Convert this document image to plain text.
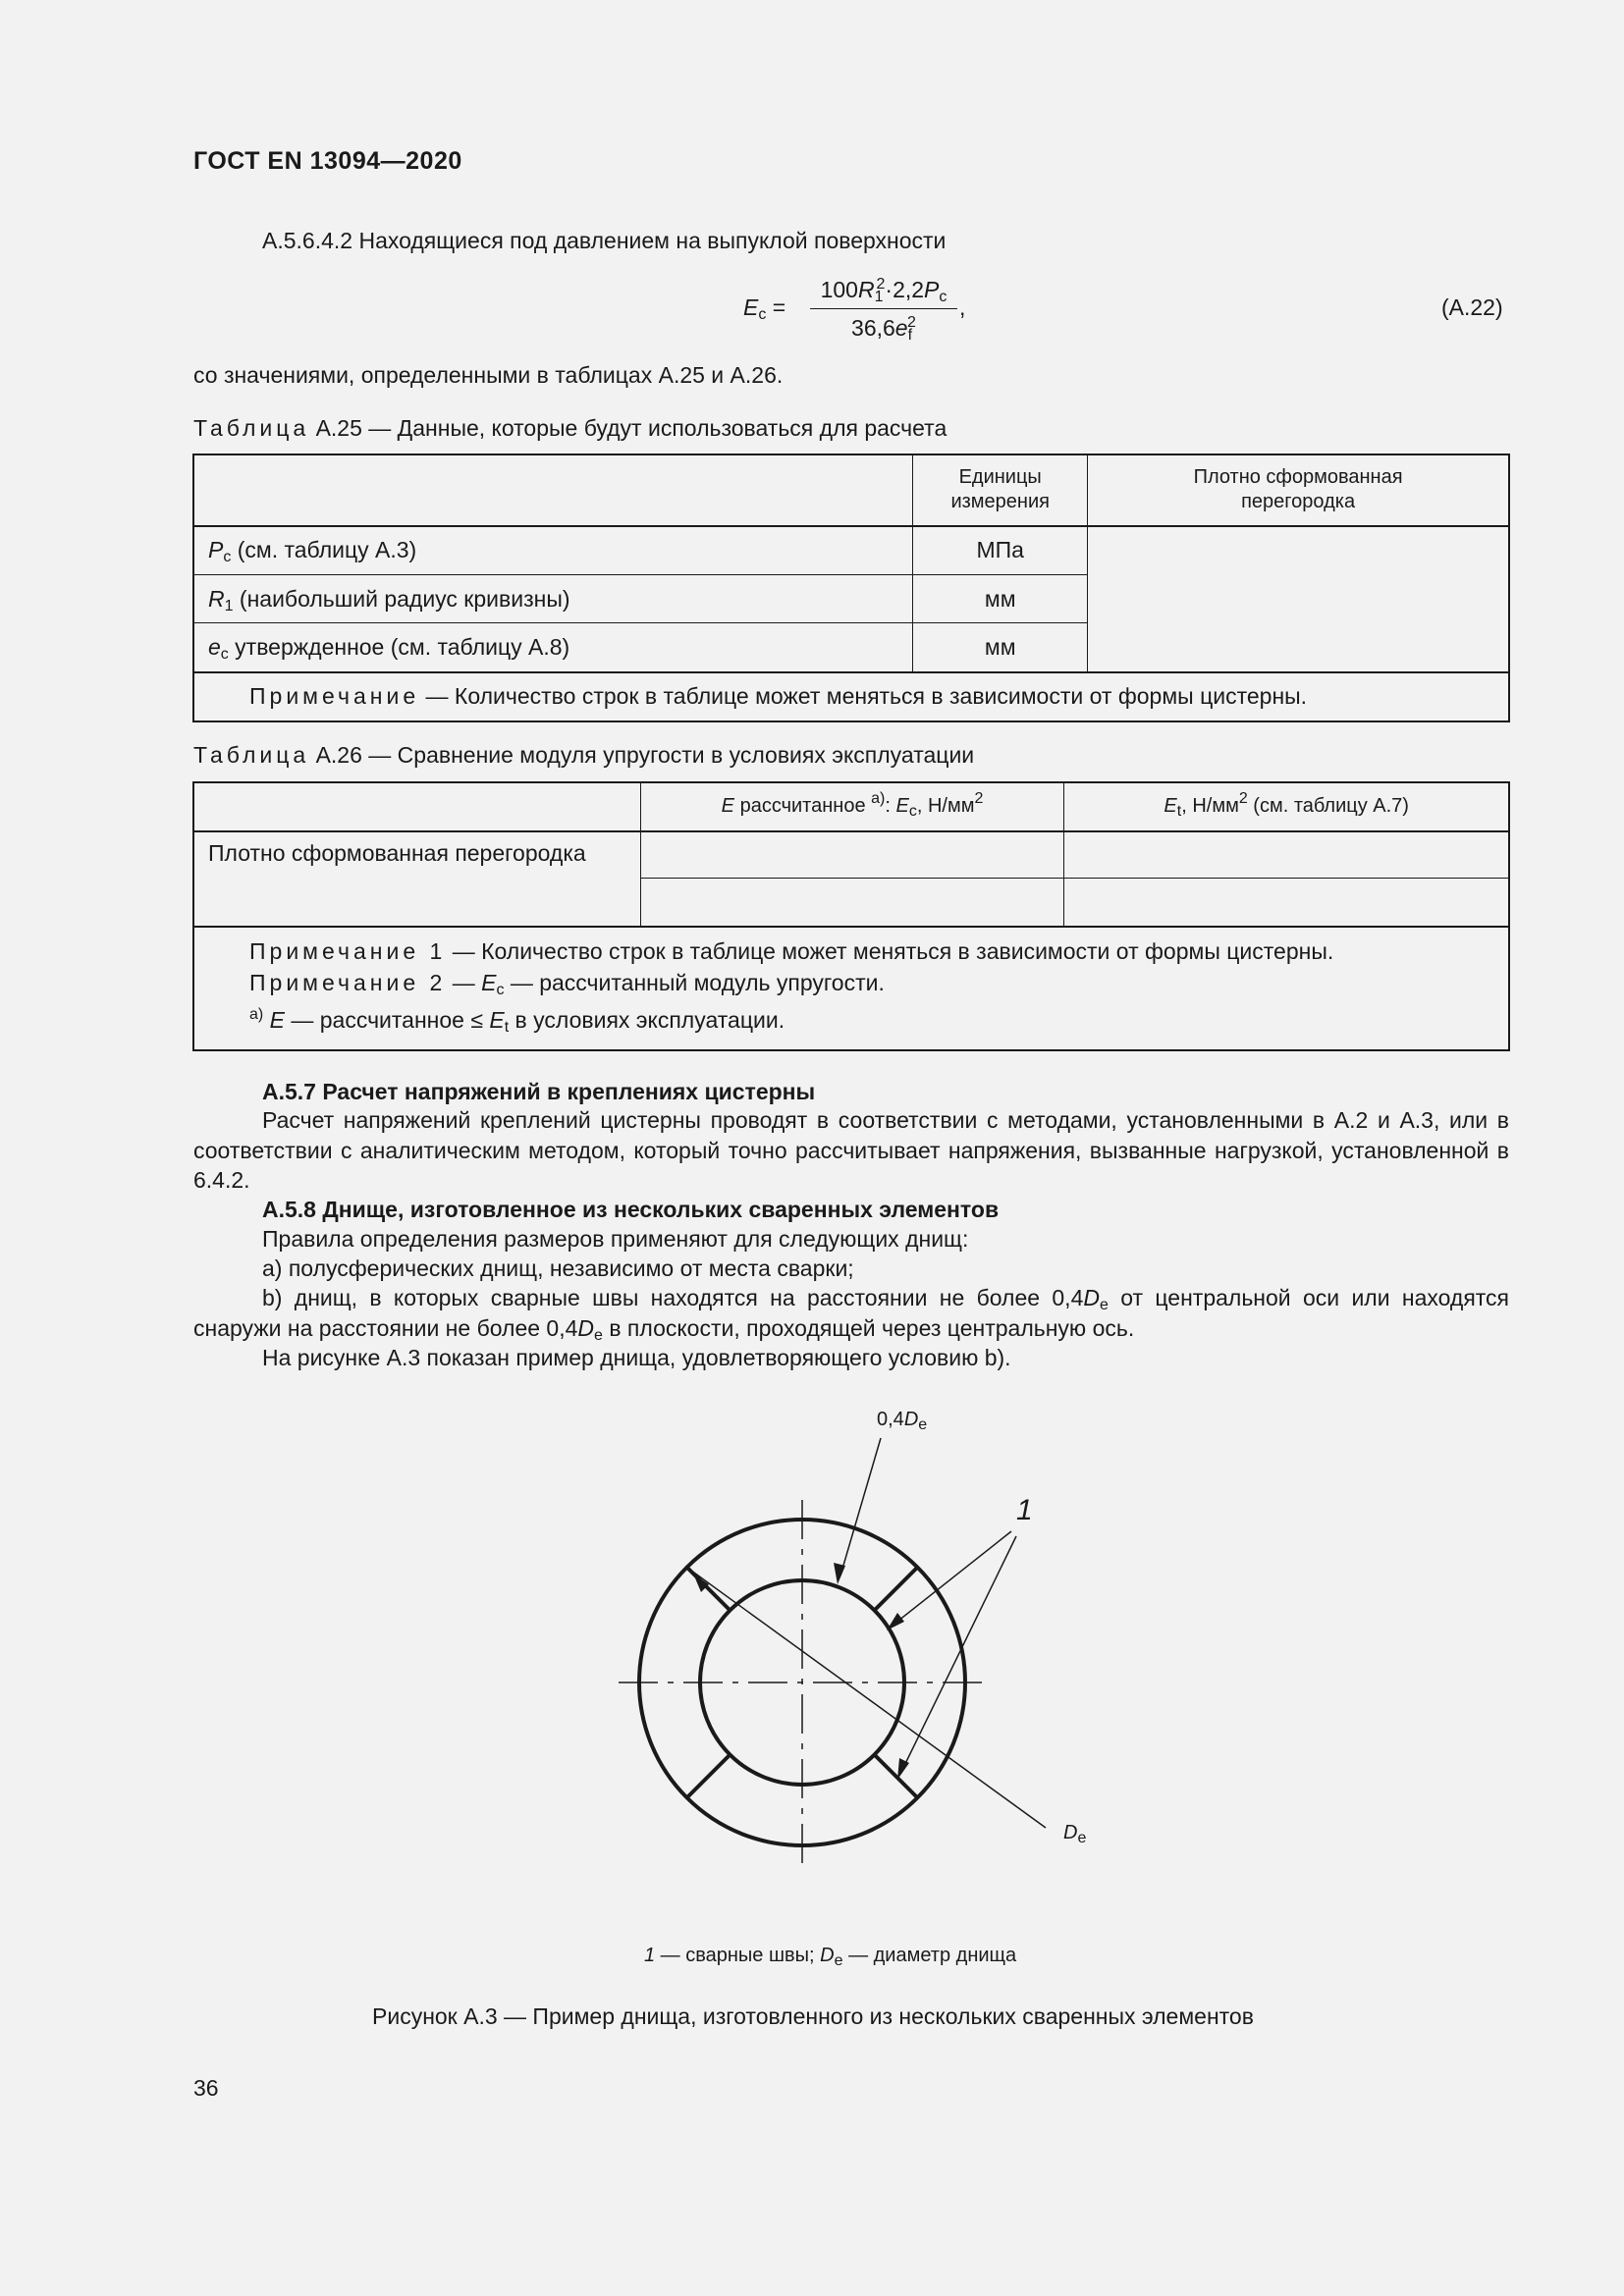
ГОСТ EN 13094—2020
A.5.6.4.2 Находящиеся под давлением на выпуклой поверхности
$E_c$ =
$100R_1^2\cdot 2,2P_c$
$36,6e_f^2$
,	(A.22)
со значениями, определенными в таблицах A.25 и A.26.
Таблица A.25 — Данные, которые будут использоваться для расчета
	Единицы измерения	Плотно сформованная перегородка
$P_c$ (см. таблицу A.3)	МПа	
$R_1$ (наибольший радиус кривизны)	мм	
$e_c$ утвержденное (см. таблицу A.8)	мм	
Примечание — Количество строк в таблице может меняться в зависимости от формы цистерны.		
Таблица A.26 — Сравнение модуля упругости в условиях эксплуатации
	E рассчитанное $^{a)}$: $E_c$, $Н/мм^2$	$E_t$, $Н/мм^2$ (см. таблицу A.7)
Плотно сформованная перегородка		

Примечание 1 — Количество строк в таблице может меняться в зависимости от формы цистерны.
Примечание 2 — $E_c$ — рассчитанный модуль упругости.
$^{a)}$ E — рассчитанное ≤ $E_t$ в условиях эксплуатации.		
A.5.7 Расчет напряжений в креплениях цистерны
Расчет напряжений креплений цистерны проводят в соответствии с методами, установленными в A.2 и A.3, или в соответствии с аналитическим методом, который точно рассчитывает напряжения, вызванные нагрузкой, установленной в 6.4.2.
A.5.8 Днище, изготовленное из нескольких сваренных элементов
Правила определения размеров применяют для следующих днищ:
a) полусферических днищ, независимо от места сварки;
b) днищ, в которых сварные швы находятся на расстоянии не более $0,4D_e$ от центральной оси или находятся снаружи на расстоянии не более $0,4D_e$ в плоскости, проходящей через центральную ось.
На рисунке A.3 показан пример днища, удовлетворяющего условию b).
$0,4D_e$
1
$D_e$
1 — сварные швы; $D_e$ — диаметр днища
Рисунок A.3 — Пример днища, изготовленного из нескольких сваренных элементов
36
